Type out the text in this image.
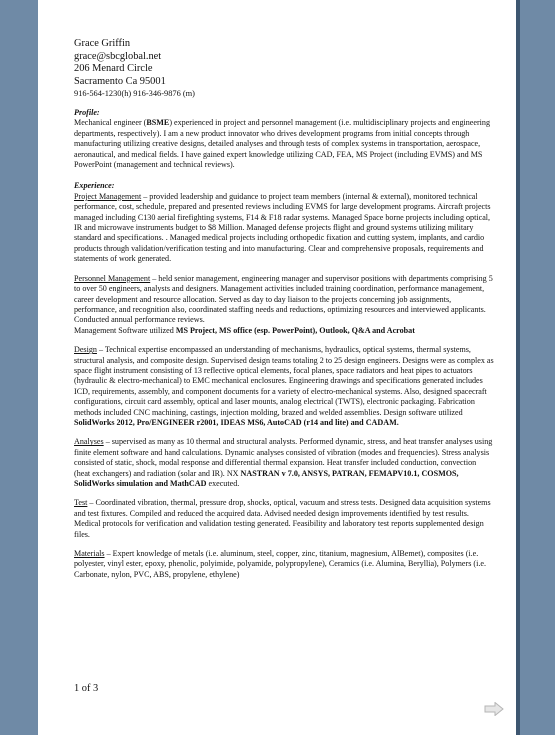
Grace Griffin
grace@sbcglobal.net
206 Menard Circle
Sacramento Ca 95001
916-564-1230(h) 916-346-9876 (m)
Profile:

Mechanical engineer (BSME) experienced in project and personnel management (i.e. multidisciplinary projects and engineering departments, respectively). I am a new product innovator who drives development programs from initial concepts through manufacturing utilizing creative designs, detailed analyses and through tests of complex systems in transportation, aerospace, aeronautical, and medical fields. I have gained expert knowledge utilizing CAD, FEA, MS Project (including EVMS) and MS PowerPoint (management and technical reviews).

Experience:

Project Management – provided leadership and guidance to project team members (internal & external), monitored technical performance, cost, schedule, prepared and presented reviews including EVMS for large development programs. Aircraft projects managed including C130 aerial firefighting systems, F14 & F18 radar systems. Managed Space borne projects including optical, IR and microwave instruments budget to $8 Million. Managed defense projects flight and ground systems utilizing military standard and specifications. . Managed medical projects including orthopedic fixation and cutting system, implants, and cardio products through validation/verification testing and into manufacturing. Clear and comprehensive proposals, requirements and statements of work generated.

Personnel Management – held senior management, engineering manager and supervisor positions with departments comprising 5 to over 50 engineers, analysts and designers. Management activities included training coordination, performance management, career development and resource allocation. Served as day to day liaison to the projects concerning job assignments, performance, and recognition also, coordinated staffing needs and reductions, optimizing resources and interviewed applicants. Conducted annual performance reviews.

Management Software utilized MS Project, MS office (esp. PowerPoint), Outlook, Q&A and Acrobat

Design – Technical expertise encompassed an understanding of mechanisms, hydraulics, optical systems, thermal systems, structural analysis, and composite design. Supervised design teams totaling 2 to 25 design engineers. Designs were as complex as space flight instrument consisting of 13 reflective optical elements, focal planes, space radiators and heat pipes to actuators (hydraulic & electro-mechanical) to EMC mechanical enclosures. Engineering drawings and specifications generated includes ICD, requirements, assembly, and component documents for a variety of electro-mechanical systems. Also, designed spacecraft configurations, circuit card assembly, optical and laser mounts, analog electrical (TWTS), electronic packaging. Fabrication methods included CNC machining, castings, injection molding, brazed and welded assemblies. Design software utilized SolidWorks 2012, Pro/ENGINEER r2001, IDEAS MS6, AutoCAD (r14 and lite) and CADAM.

Analyses – supervised as many as 10 thermal and structural analysts. Performed dynamic, stress, and heat transfer analyses using finite element software and hand calculations. Dynamic analyses consisted of vibration (modes and frequencies). Stress analysis consisted of static, shock, modal response and differential thermal expansion. Heat transfer included conduction, convection (heat exchangers) and radiation (solar and IR). NX NASTRAN v 7.0, ANSYS, PATRAN, FEMAPV10.1, COSMOS, SolidWorks simulation and MathCAD executed.

Test – Coordinated vibration, thermal, pressure drop, shocks, optical, vacuum and stress tests. Designed data acquisition systems and test fixtures. Compiled and reduced the acquired data. Advised needed design improvements identified by test results. Medical protocols for verification and validation testing generated. Feasibility and laboratory test reports supplemented design files.

Materials – Expert knowledge of metals (i.e. aluminum, steel, copper, zinc, titanium, magnesium, AlBemet), composites (i.e. polyester, vinyl ester, epoxy, phenolic, polyimide, polyamide, polypropylene), Ceramics (i.e. Alumina, Beryllia), Polymers (i.e. Carbonate, nylon, PVC, ABS, propylene, ethylene)

1 of 3
